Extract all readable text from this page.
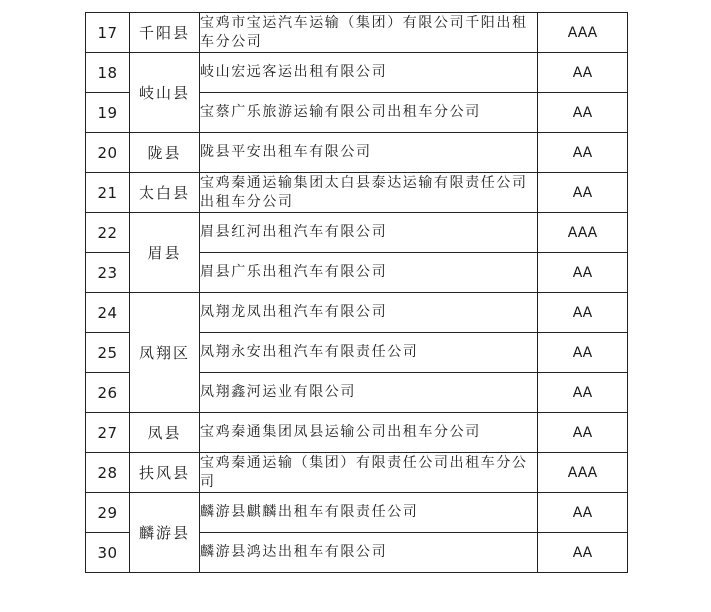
17	千阳县	宝鸡市宝运汽车运输（集团）有限公司千阳出租车分公司	AAA
18	岐山县	岐山宏远客运出租有限公司	AA
19		宝蔡广乐旅游运输有限公司出租车分公司	AA
20	陇县	陇县平安出租车有限公司	AA
21	太白县	宝鸡秦通运输集团太白县泰达运输有限责任公司出租车分公司	AA
22	眉县	眉县红河出租汽车有限公司	AAA
23		眉县广乐出租汽车有限公司	AA
24	凤翔区	凤翔龙凤出租汽车有限公司	AA
25		凤翔永安出租汽车有限责任公司	AA
26		凤翔鑫河运业有限公司	AA
27	凤县	宝鸡秦通集团凤县运输公司出租车分公司	AA
28	扶风县	宝鸡秦通运输（集团）有限责任公司出租车分公司	AAA
29	麟游县	麟游县麒麟出租车有限责任公司	AA
30		麟游县鸿达出租车有限公司	AA
